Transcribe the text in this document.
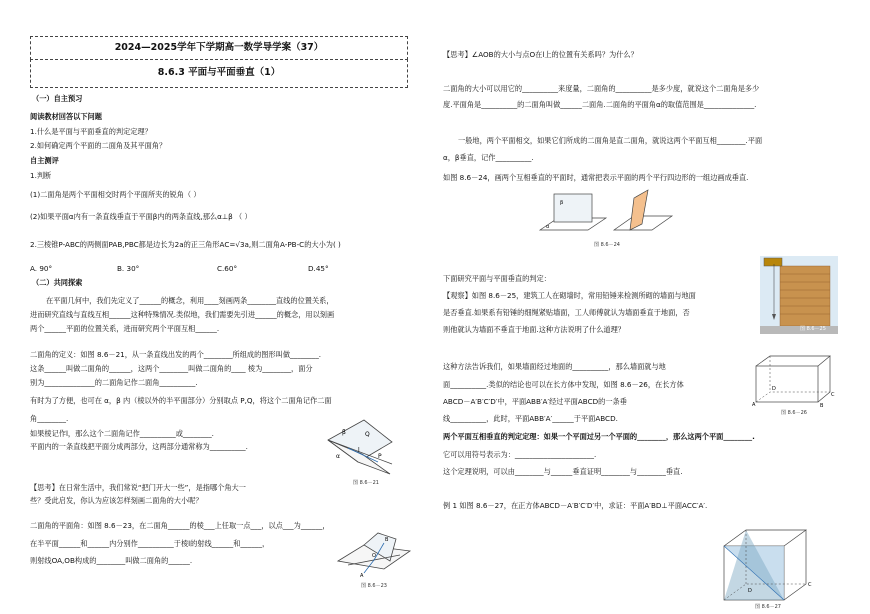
2024—2025学年下学期高一数学导学案（37）
8.6.3 平面与平面垂直（1）
（一）自主预习
阅读教材回答以下问题
1.什么是平面与平面垂直的判定定理？
2.如何确定两个平面的二面角及其平面角？
自主测评
1.判断
(1)二面角是两个平面相交时两个平面所夹的锐角（ ）
(2)如果平面α内有一条直线垂直于平面β内的两条直线,那么α⊥β （ ）
2.三棱锥P-ABC的两侧面PAB,PBC都是边长为2a的正三角形AC=√3a,则二面角A-PB-C的大小为( )
A. 90°	B. 30°	C.60°	D.45°
（二）共同探索
在平面几何中，我们先定义了______的概念，利用____刻画两条________直线的位置关系，
进而研究直线与直线互相______这种特殊情况.类似地，我们需要先引进______的概念，用以刻画
两个______平面的位置关系，进而研究两个平面互相______.
二面角的定义：如图 8.6－21，从一条直线出发的两个________所组成的图形叫做________.
这条______叫做二面角的______，这两个________叫做二面角的____ 棱为________，面分
别为______________的二面角记作二面角__________.
有时为了方便，也可在 α，β 内（棱以外的半平面部分）分别取点 P,Q，将这个二面角记作二面
角________.
如果棱记作l，那么这个二面角记作__________或________.
平面内的一条直线把平面分成两部分，这两部分通常称为__________.
Q
P
l
β
α
图 8.6－21
【思考】在日常生活中，我们常说“把门开大一些”，是指哪个角大一
些？受此启发，你认为应该怎样刻画二面角的大小呢？
二面角的平面角：如图 8.6－23，在二面角______的棱___上任取一点___，以点___为______，
在半平面______和______内分别作__________于棱l的射线______和______，
则射线OA,OB构成的________叫做二面角的______.	O
A
B
图 8.6－23
【思考】∠AOB的大小与点O在l上的位置有关系吗？为什么？
二面角的大小可以用它的__________来度量，二面角的__________是多少度，就说这个二面角是多少
度.平面角是__________的二面角叫做______二面角.二面角的平面角α的取值范围是______________.
一般地，两个平面相交，如果它们所成的二面角是直二面角，就说这两个平面互相________.平面
α，β垂直，记作__________.
如图 8.6－24，画两个互相垂直的平面时，通常把表示平面的两个平行四边形的一组边画成垂直.
β
α
图 8.6－24
下面研究平面与平面垂直的判定：
【观察】如图 8.6－25，建筑工人在砌墙时，常用铅锤来检测所砌的墙面与地面
是否垂直.如果系有铅锤的细绳紧贴墙面，工人师傅就认为墙面垂直于地面，否
则他就认为墙面不垂直于地面.这种方法说明了什么道理？	图 8.6－25
这种方法告诉我们，如果墙面经过地面的__________，那么墙面就与地
面__________.类似的结论也可以在长方体中发现，如图 8.6－26，在长方体
ABCD－A′B′C′D′中，平面ABB′A′经过平面ABCD的一条垂
线__________，此时，平面ABB′A′______于平面ABCD.
A	B
C
D
图 8.6－26
两个平面互相垂直的判定定理：如果一个平面过另一个平面的________，那么这两个平面________.
它可以用符号表示为：______________________.
这个定理说明，可以由________与______垂直证明________与________垂直.
例 1 如图 8.6－27，在正方体ABCD－A′B′C′D′中，求证：平面A′BD⊥平面ACC′A′.
D
C
图 8.6－27
